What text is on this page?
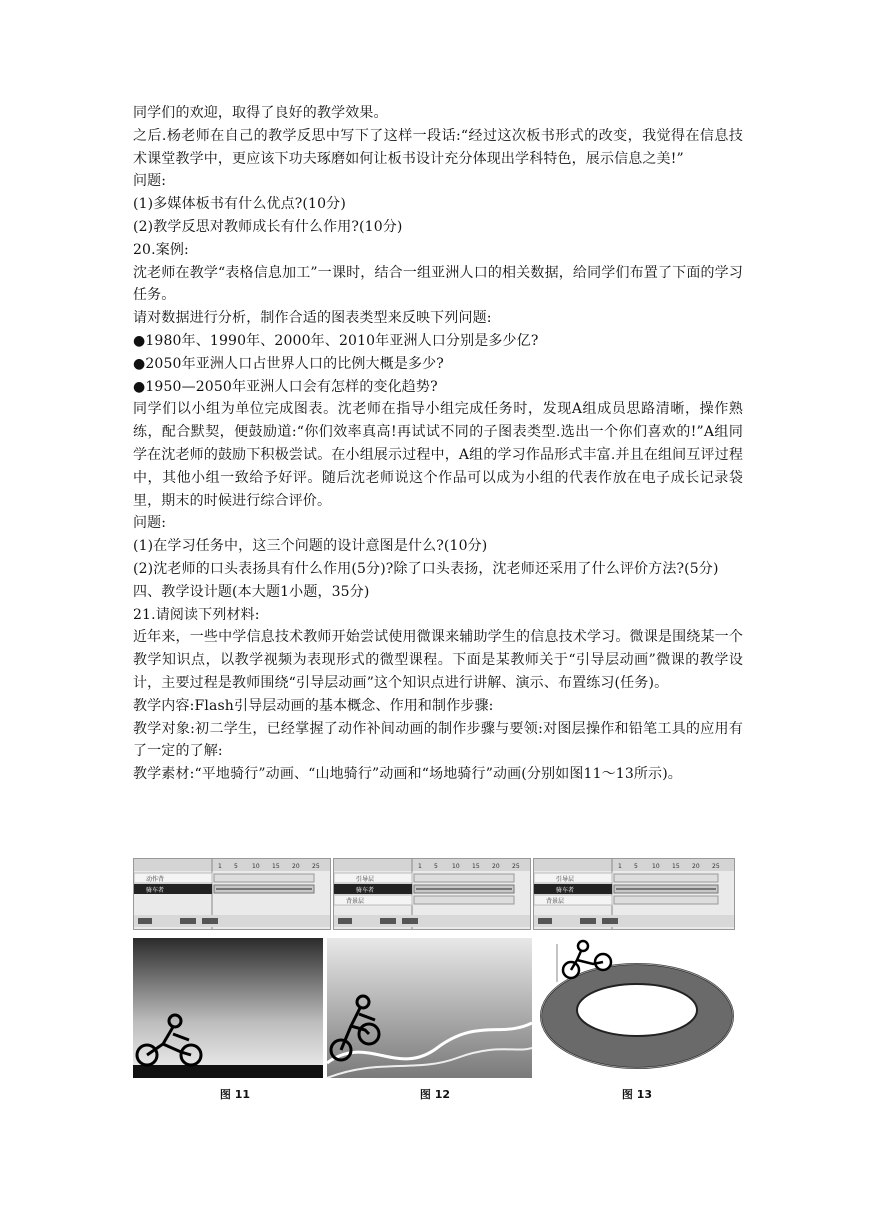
同学们的欢迎，取得了良好的教学效果。

之后.杨老师在自己的教学反思中写下了这样一段话:“经过这次板书形式的改变，我觉得在信息技术课堂教学中，更应该下功夫琢磨如何让板书设计充分体现出学科特色，展示信息之美!”

问题:

(1)多媒体板书有什么优点?(10分)

(2)教学反思对教师成长有什么作用?(10分)

20.案例:

沈老师在教学“表格信息加工”一课时，结合一组亚洲人口的相关数据，给同学们布置了下面的学习任务。

请对数据进行分析，制作合适的图表类型来反映下列问题:

●1980年、1990年、2000年、2010年亚洲人口分别是多少亿?

●2050年亚洲人口占世界人口的比例大概是多少?

●1950—2050年亚洲人口会有怎样的变化趋势?

同学们以小组为单位完成图表。沈老师在指导小组完成任务时，发现A组成员思路清晰，操作熟练，配合默契，便鼓励道:“你们效率真高!再试试不同的子图表类型.选出一个你们喜欢的!”A组同学在沈老师的鼓励下积极尝试。在小组展示过程中，A组的学习作品形式丰富.并且在组间互评过程中，其他小组一致给予好评。随后沈老师说这个作品可以成为小组的代表作放在电子成长记录袋里，期末的时候进行综合评价。

问题:

(1)在学习任务中，这三个问题的设计意图是什么?(10分)

(2)沈老师的口头表扬具有什么作用(5分)?除了口头表扬，沈老师还采用了什么评价方法?(5分)

四、教学设计题(本大题1小题，35分)

21.请阅读下列材料:

近年来，一些中学信息技术教师开始尝试使用微课来辅助学生的信息技术学习。微课是围绕某一个教学知识点，以教学视频为表现形式的微型课程。下面是某教师关于“引导层动画”微课的教学设计，主要过程是教师围绕“引导层动画”这个知识点进行讲解、演示、布置练习(任务)。

教学内容:Flash引导层动画的基本概念、作用和制作步骤:

教学对象:初二学生，已经掌握了动作补间动画的制作步骤与要领:对图层操作和铅笔工具的应用有了一定的了解:

教学素材:“平地骑行”动画、“山地骑行”动画和“场地骑行”动画(分别如图11～13所示)。

1 5 10 15 20 25
动作背
骑车者
1 5 10 15 20 25
引导层
骑车者
背景层
1 5 10 15 20 25
引导层
骑车者
背景层
图 11	图 12	图 13
